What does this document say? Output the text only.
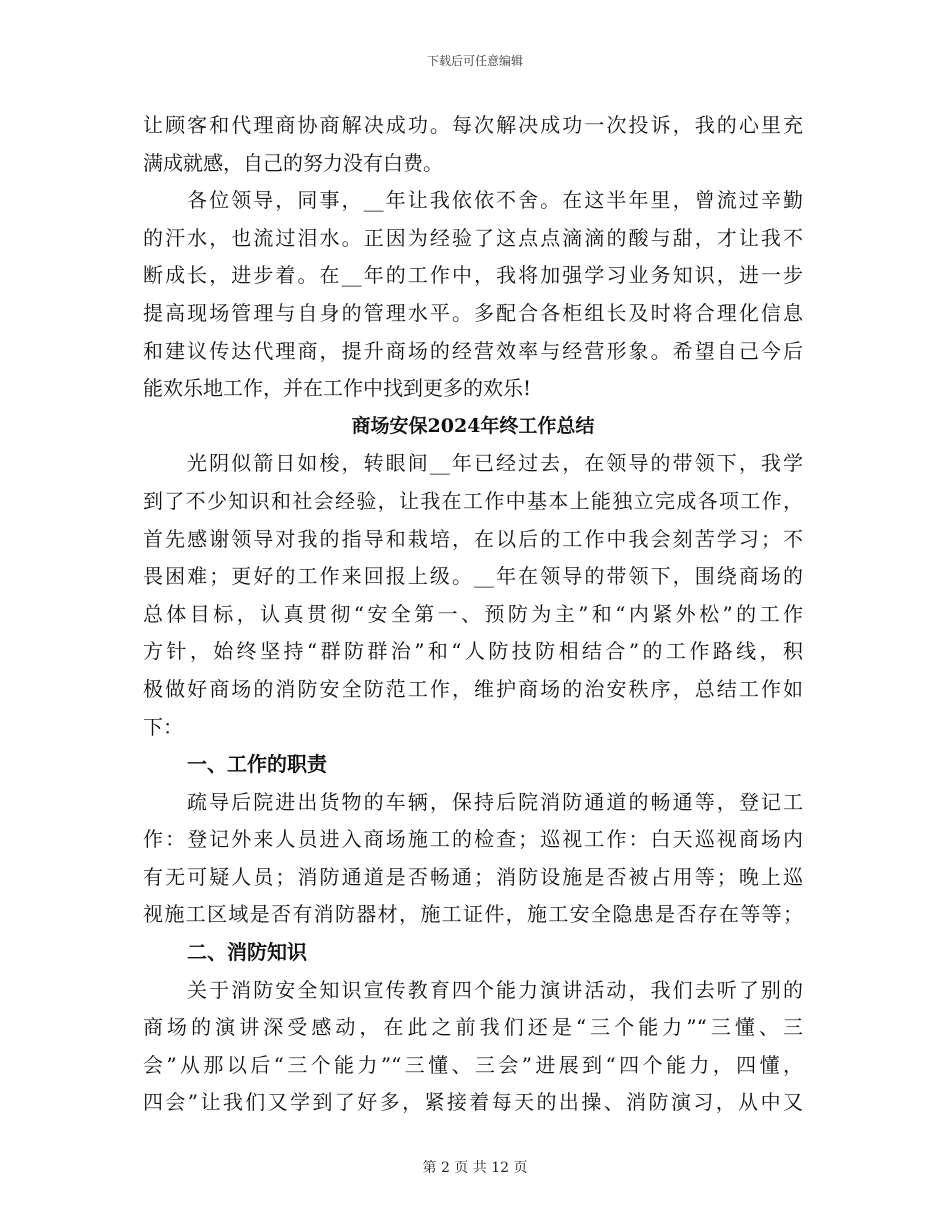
下载后可任意编辑
让顾客和代理商协商解决成功。每次解决成功一次投诉，我的心里充
满成就感，自己的努力没有白费。
各位领导，同事，__年让我依依不舍。在这半年里，曾流过辛勤
的汗水，也流过泪水。正因为经验了这点点滴滴的酸与甜，才让我不
断成长，进步着。在__年的工作中，我将加强学习业务知识，进一步
提高现场管理与自身的管理水平。多配合各柜组长及时将合理化信息
和建议传达代理商，提升商场的经营效率与经营形象。希望自己今后
能欢乐地工作，并在工作中找到更多的欢乐!
商场安保2024年终工作总结
光阴似箭日如梭，转眼间__年已经过去，在领导的带领下，我学
到了不少知识和社会经验，让我在工作中基本上能独立完成各项工作，
首先感谢领导对我的指导和栽培，在以后的工作中我会刻苦学习；不
畏困难；更好的工作来回报上级。__年在领导的带领下，围绕商场的
总体目标，认真贯彻“安全第一、预防为主”和“内紧外松”的工作
方针，始终坚持“群防群治”和“人防技防相结合”的工作路线，积
极做好商场的消防安全防范工作，维护商场的治安秩序，总结工作如
下：
一、工作的职责
疏导后院进出货物的车辆，保持后院消防通道的畅通等，登记工
作：登记外来人员进入商场施工的检查；巡视工作：白天巡视商场内
有无可疑人员；消防通道是否畅通；消防设施是否被占用等；晚上巡
视施工区域是否有消防器材，施工证件，施工安全隐患是否存在等等；
二、消防知识
关于消防安全知识宣传教育四个能力演讲活动，我们去听了别的
商场的演讲深受感动，在此之前我们还是“三个能力”“三懂、三
会”从那以后“三个能力”“三懂、三会”进展到“四个能力，四懂，
四会”让我们又学到了好多，紧接着每天的出操、消防演习，从中又
第 2 页 共 12 页
